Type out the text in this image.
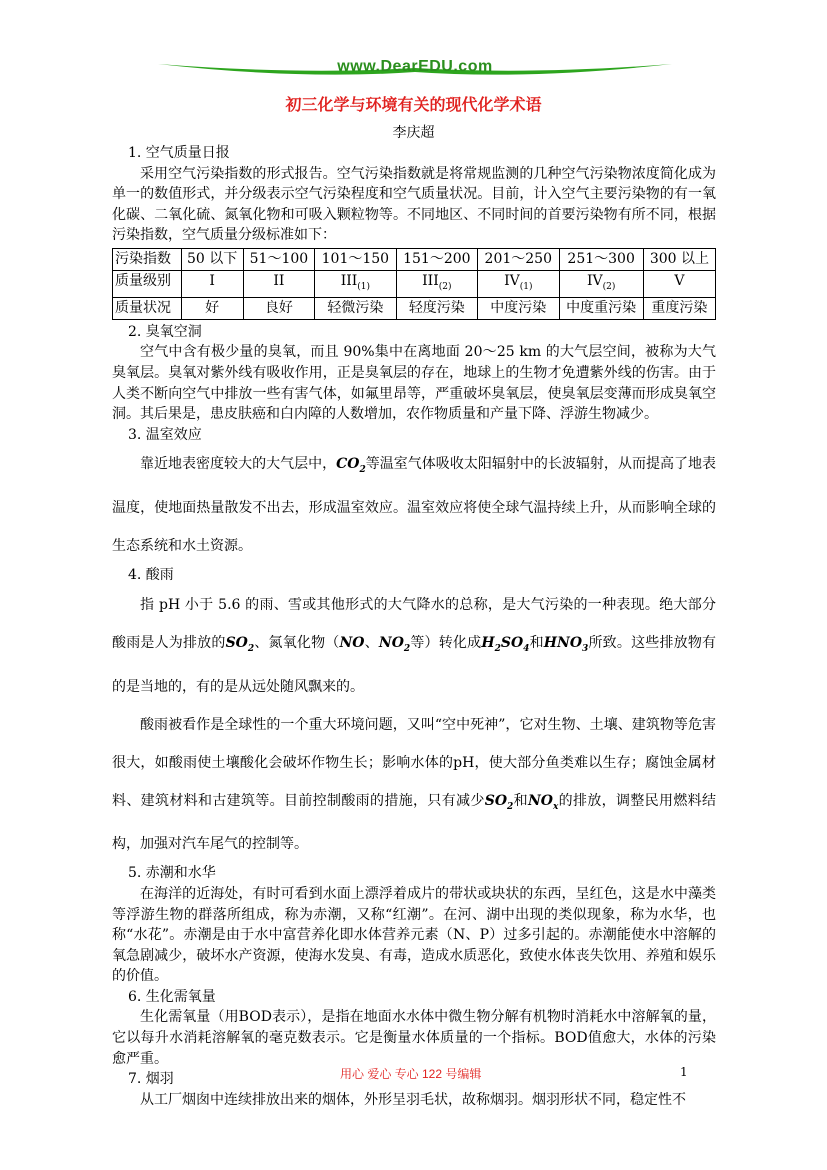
www.DearEDU.com
初三化学与环境有关的现代化学术语
李庆超
1. 空气质量日报

采用空气污染指数的形式报告。空气污染指数就是将常规监测的几种空气污染物浓度简化成为单一的数值形式，并分级表示空气污染程度和空气质量状况。目前，计入空气主要污染物的有一氧化碳、二氧化硫、氮氧化物和可吸入颗粒物等。不同地区、不同时间的首要污染物有所不同，根据污染指数，空气质量分级标准如下：

污染指数	50 以下	51～100	101～150	151～200	201～250	251～300	300 以上
质量级别	I	II	$III_{(1)}$	$III_{(2)}$	$IV_{(1)}$	$IV_{(2)}$	V
质量状况	好	良好	轻微污染	轻度污染	中度污染	中度重污染	重度污染
2. 臭氧空洞

空气中含有极少量的臭氧，而且 90%集中在离地面 20～25 km 的大气层空间，被称为大气臭氧层。臭氧对紫外线有吸收作用，正是臭氧层的存在，地球上的生物才免遭紫外线的伤害。由于人类不断向空气中排放一些有害气体，如氟里昂等，严重破坏臭氧层，使臭氧层变薄而形成臭氧空洞。其后果是，患皮肤癌和白内障的人数增加，农作物质量和产量下降、浮游生物减少。

3. 温室效应

靠近地表密度较大的大气层中，$CO_2$等温室气体吸收太阳辐射中的长波辐射，从而提高了地表温度，使地面热量散发不出去，形成温室效应。温室效应将使全球气温持续上升，从而影响全球的生态系统和水土资源。

4. 酸雨

指 pH 小于 5.6 的雨、雪或其他形式的大气降水的总称，是大气污染的一种表现。绝大部分酸雨是人为排放的$SO_2$、氮氧化物（NO、$NO_2$等）转化成$H_2SO_4$和$HNO_3$所致。这些排放物有的是当地的，有的是从远处随风飘来的。

酸雨被看作是全球性的一个重大环境问题，又叫“空中死神”，它对生物、土壤、建筑物等危害很大，如酸雨使土壤酸化会破坏作物生长；影响水体的pH，使大部分鱼类难以生存；腐蚀金属材料、建筑材料和古建筑等。目前控制酸雨的措施，只有减少$SO_2$和$NO_x$的排放，调整民用燃料结构，加强对汽车尾气的控制等。

5. 赤潮和水华

在海洋的近海处，有时可看到水面上漂浮着成片的带状或块状的东西，呈红色，这是水中藻类等浮游生物的群落所组成，称为赤潮，又称“红潮”。在河、湖中出现的类似现象，称为水华，也称“水花”。赤潮是由于水中富营养化即水体营养元素（N、P）过多引起的。赤潮能使水中溶解的氧急剧减少，破坏水产资源，使海水发臭、有毒，造成水质恶化，致使水体丧失饮用、养殖和娱乐的价值。

6. 生化需氧量

生化需氧量（用BOD表示），是指在地面水水体中微生物分解有机物时消耗水中溶解氧的量，它以每升水消耗溶解氧的毫克数表示。它是衡量水体质量的一个指标。BOD值愈大，水体的污染愈严重。

7. 烟羽

从工厂烟囱中连续排放出来的烟体，外形呈羽毛状，故称烟羽。烟羽形状不同，稳定性不

用心 爱心 专心 122 号编辑	1
